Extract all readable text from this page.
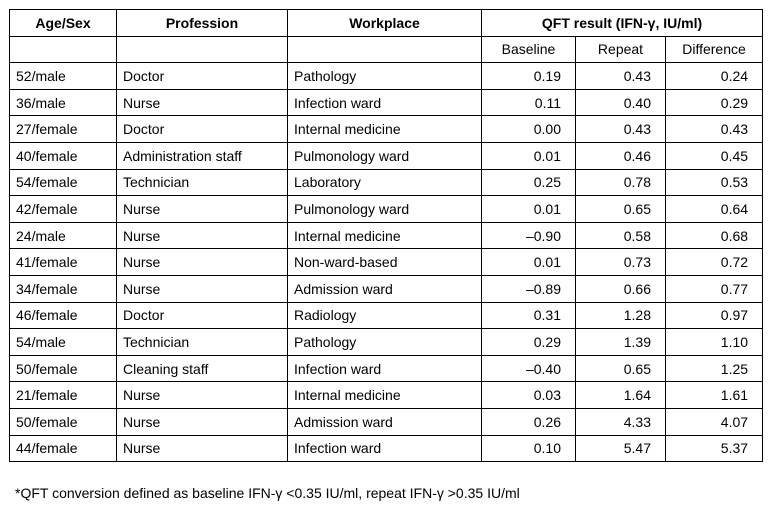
Age/Sex	Profession	Workplace	QFT result (IFN-γ, IU/ml)		
			Baseline	Repeat	Difference
52/male	Doctor	Pathology	0.19	0.43	0.24
36/male	Nurse	Infection ward	0.11	0.40	0.29
27/female	Doctor	Internal medicine	0.00	0.43	0.43
40/female	Administration staff	Pulmonology ward	0.01	0.46	0.45
54/female	Technician	Laboratory	0.25	0.78	0.53
42/female	Nurse	Pulmonology ward	0.01	0.65	0.64
24/male	Nurse	Internal medicine	–0.90	0.58	0.68
41/female	Nurse	Non-ward-based	0.01	0.73	0.72
34/female	Nurse	Admission ward	–0.89	0.66	0.77
46/female	Doctor	Radiology	0.31	1.28	0.97
54/male	Technician	Pathology	0.29	1.39	1.10
50/female	Cleaning staff	Infection ward	–0.40	0.65	1.25
21/female	Nurse	Internal medicine	0.03	1.64	1.61
50/female	Nurse	Admission ward	0.26	4.33	4.07
44/female	Nurse	Infection ward	0.10	5.47	5.37
*QFT conversion defined as baseline IFN-γ <0.35 IU/ml, repeat IFN-γ >0.35 IU/ml
